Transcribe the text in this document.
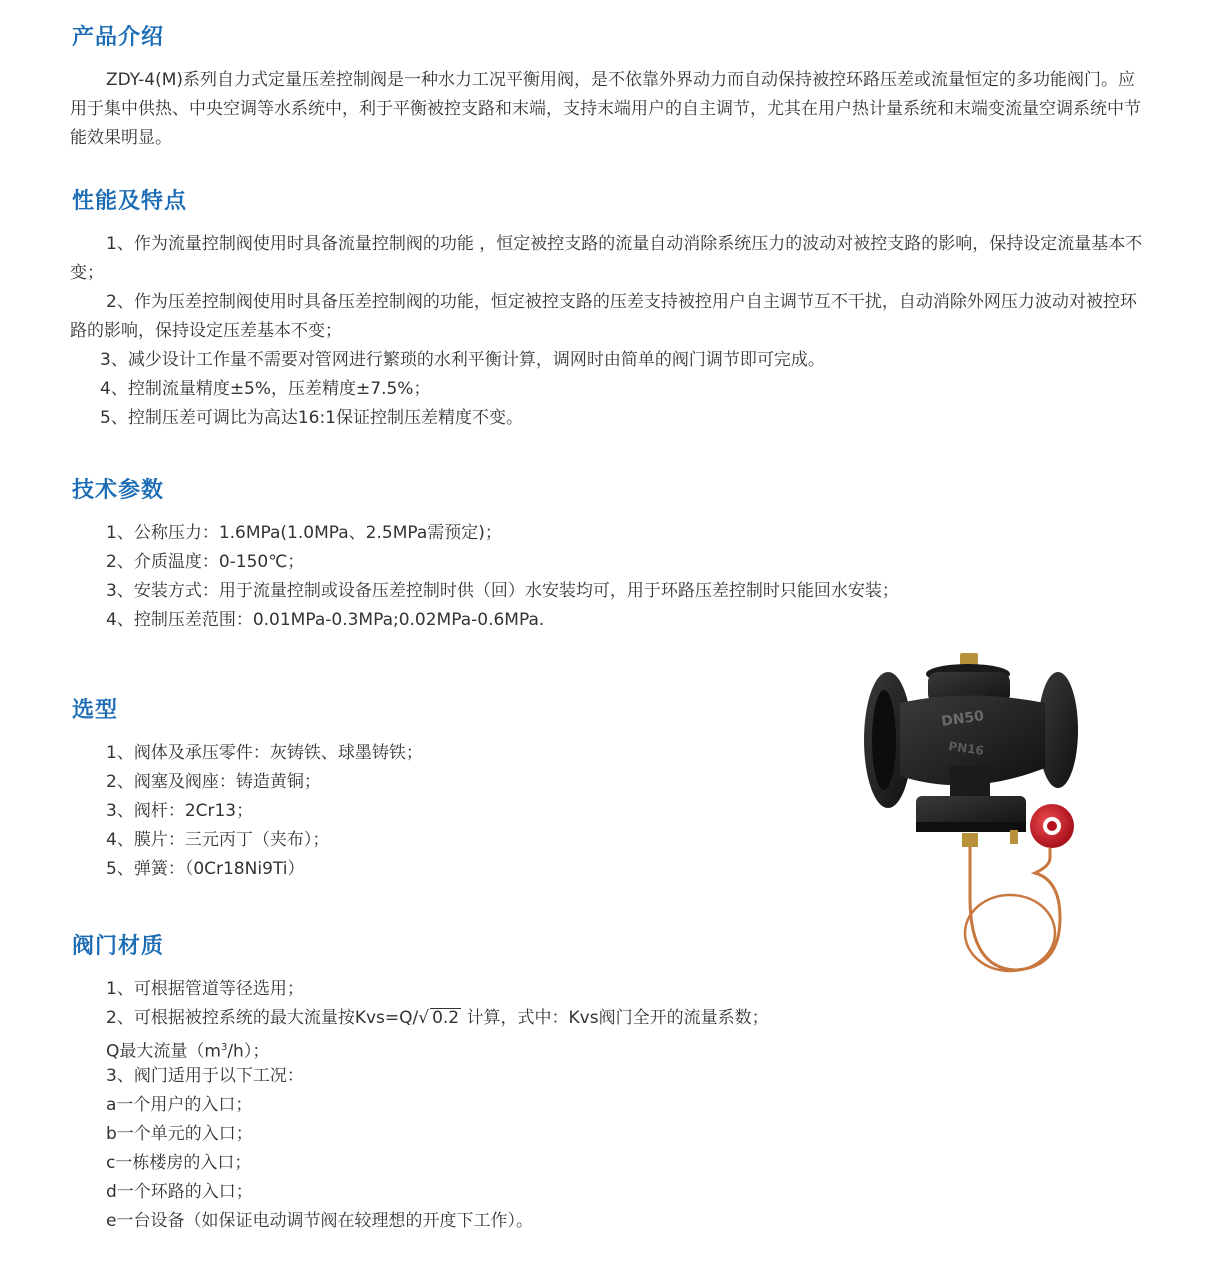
产品介绍

ZDY-4(M)系列自力式定量压差控制阀是一种水力工况平衡用阀，是不依靠外界动力而自动保持被控环路压差或流量恒定的多功能阀门。应用于集中供热、中央空调等水系统中，利于平衡被控支路和末端，支持末端用户的自主调节，尤其在用户热计量系统和末端变流量空调系统中节能效果明显。

性能及特点

1、作为流量控制阀使用时具备流量控制阀的功能 ，恒定被控支路的流量自动消除系统压力的波动对被控支路的影响，保持设定流量基本不变；

2、作为压差控制阀使用时具备压差控制阀的功能，恒定被控支路的压差支持被控用户自主调节互不干扰，自动消除外网压力波动对被控环路的影响，保持设定压差基本不变；

3、减少设计工作量不需要对管网进行繁琐的水利平衡计算，调网时由简单的阀门调节即可完成。

4、控制流量精度±5%，压差精度±7.5%；

5、控制压差可调比为高达16:1保证控制压差精度不变。

技术参数

1、公称压力：1.6MPa(1.0MPa、2.5MPa需预定)；

2、介质温度：0-150℃；

3、安装方式：用于流量控制或设备压差控制时供（回）水安装均可，用于环路压差控制时只能回水安装；

4、控制压差范围：0.01MPa-0.3MPa;0.02MPa-0.6MPa.

选型

1、阀体及承压零件：灰铸铁、球墨铸铁；

2、阀塞及阀座：铸造黄铜；

3、阀杆：2Cr13；

4、膜片：三元丙丁（夹布）；

5、弹簧：（0Cr18Ni9Ti）

阀门材质

1、可根据管道等径选用；

2、可根据被控系统的最大流量按Kvs=Q/√ 0.2 计算，式中：Kvs阀门全开的流量系数；

Q最大流量$(m^3/h)$；

3、阀门适用于以下工况：

a一个用户的入口；

b一个单元的入口；

c一栋楼房的入口；

d一个环路的入口；

e一台设备（如保证电动调节阀在较理想的开度下工作）。

DN50
PN16
